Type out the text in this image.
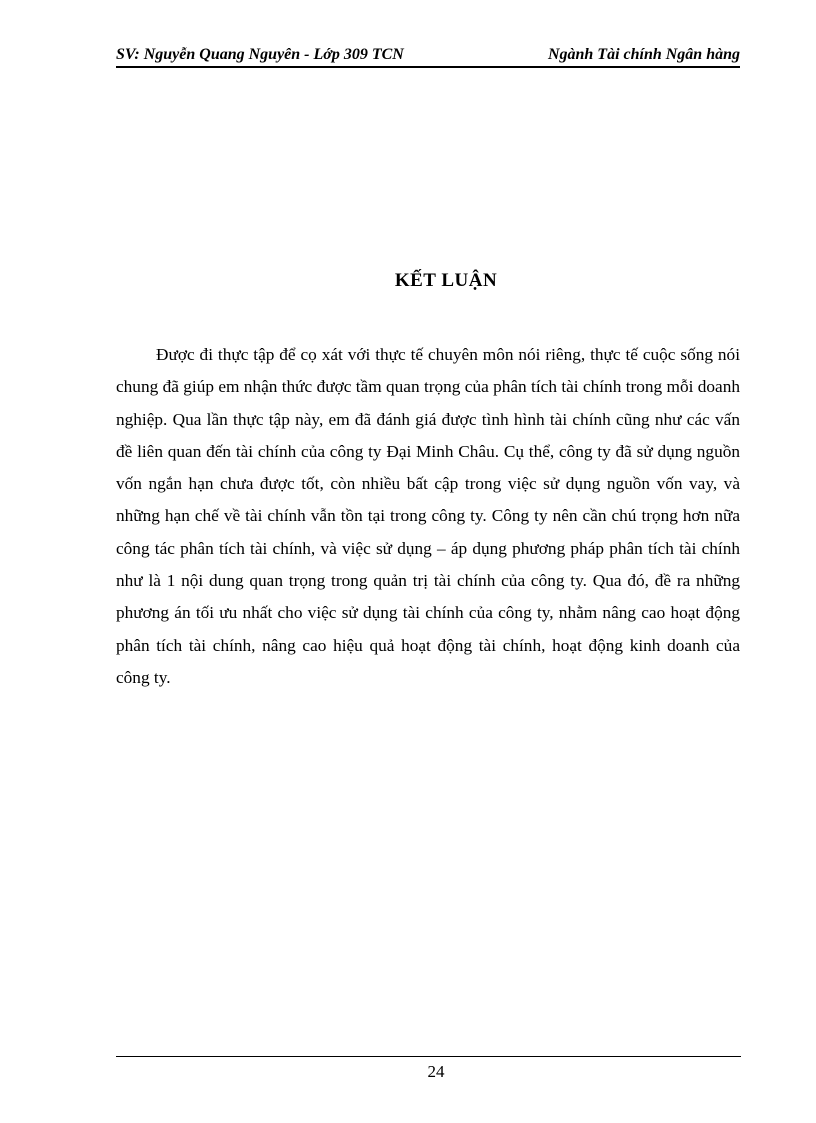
SV: Nguyễn Quang Nguyên - Lớp 309 TCN	Ngành Tài chính Ngân hàng
KẾT LUẬN

Được đi thực tập để cọ xát với thực tế chuyên môn nói riêng, thực tế cuộc sống nói chung đã giúp em nhận thức được tầm quan trọng của phân tích tài chính trong mỗi doanh nghiệp. Qua lần thực tập này, em đã đánh giá được tình hình tài chính cũng như các vấn đề liên quan đến tài chính của công ty Đại Minh Châu. Cụ thể, công ty đã sử dụng nguồn vốn ngắn hạn chưa được tốt, còn nhiều bất cập trong việc sử dụng nguồn vốn vay, và những hạn chế về tài chính vẫn tồn tại trong công ty. Công ty nên cần chú trọng hơn nữa công tác phân tích tài chính, và việc sử dụng – áp dụng phương pháp phân tích tài chính như là 1 nội dung quan trọng trong quản trị tài chính của công ty. Qua đó, đề ra những phương án tối ưu nhất cho việc sử dụng tài chính của công ty, nhằm nâng cao hoạt động phân tích tài chính, nâng cao hiệu quả hoạt động tài chính, hoạt động kinh doanh của công ty.

24
